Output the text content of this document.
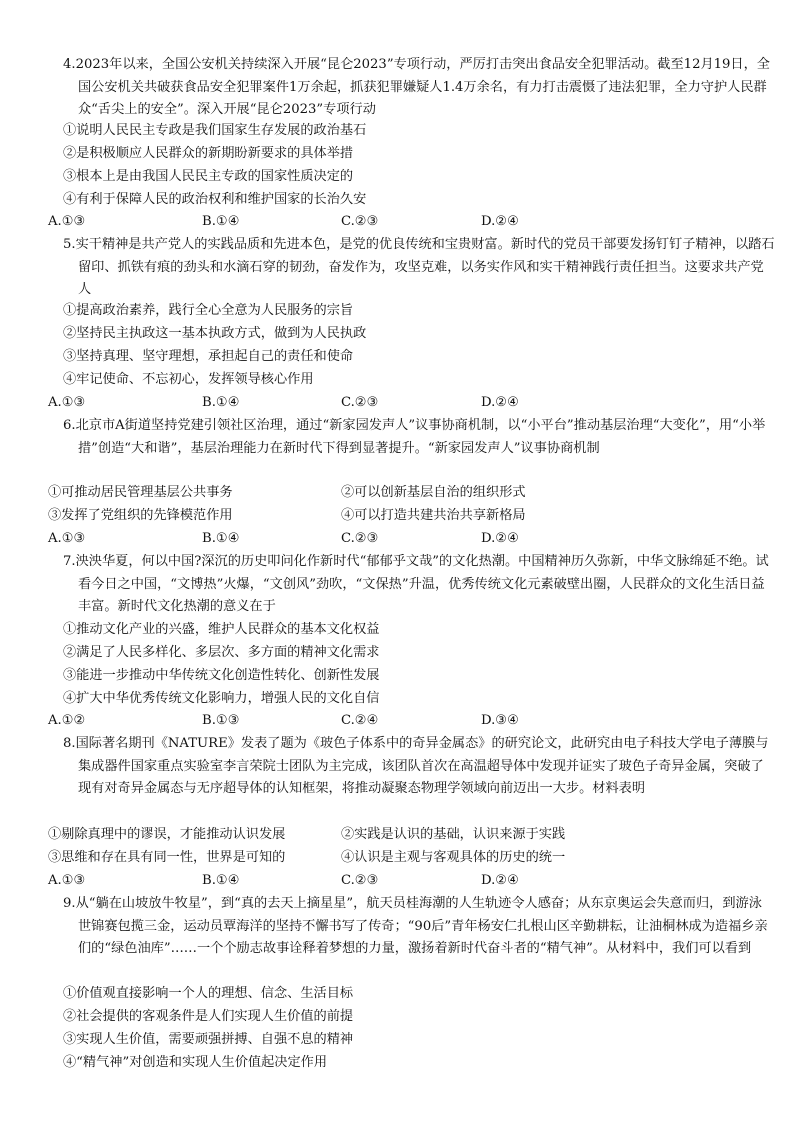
4.2023年以来，全国公安机关持续深入开展“昆仑2023”专项行动，严厉打击突出食品安全犯罪活动。截至12月19日，全国公安机关共破获食品安全犯罪案件1万余起，抓获犯罪嫌疑人1.4万余名，有力打击震慑了违法犯罪，全力守护人民群众“舌尖上的安全”。深入开展“昆仑2023”专项行动

①说明人民民主专政是我们国家生存发展的政治基石
②是积极顺应人民群众的新期盼新要求的具体举措
③根本上是由我国人民民主专政的国家性质决定的
④有利于保障人民的政治权利和维护国家的长治久安
A.①③	B.①④	C.②③	D.②④

5.实干精神是共产党人的实践品质和先进本色，是党的优良传统和宝贵财富。新时代的党员干部要发扬钉钉子精神，以踏石留印、抓铁有痕的劲头和水滴石穿的韧劲，奋发作为，攻坚克难，以务实作风和实干精神践行责任担当。这要求共产党人

①提高政治素养，践行全心全意为人民服务的宗旨
②坚持民主执政这一基本执政方式，做到为人民执政
③坚持真理、坚守理想，承担起自己的责任和使命
④牢记使命、不忘初心，发挥领导核心作用
A.①③	B.①④	C.②③	D.②④

6.北京市A街道坚持党建引领社区治理，通过“新家园发声人”议事协商机制，以“小平台”推动基层治理“大变化”，用“小举措”创造“大和谐”，基层治理能力在新时代下得到显著提升。“新家园发声人”议事协商机制

①可推动居民管理基层公共事务	②可以创新基层自治的组织形式
③发挥了党组织的先锋模范作用	④可以打造共建共治共享新格局
A.①③	B.①④	C.②③	D.②④

7.泱泱华夏，何以中国?深沉的历史叩问化作新时代“郁郁乎文哉”的文化热潮。中国精神历久弥新，中华文脉绵延不绝。试看今日之中国，“文博热”火爆，“文创风”劲吹，“文保热”升温，优秀传统文化元素破壁出圈，人民群众的文化生活日益丰富。新时代文化热潮的意义在于

①推动文化产业的兴盛，维护人民群众的基本文化权益
②满足了人民多样化、多层次、多方面的精神文化需求
③能进一步推动中华传统文化创造性转化、创新性发展
④扩大中华优秀传统文化影响力，增强人民的文化自信
A.①②	B.①③	C.②④	D.③④

8.国际著名期刊《NATURE》发表了题为《玻色子体系中的奇异金属态》的研究论文，此研究由电子科技大学电子薄膜与集成器件国家重点实验室李言荣院士团队为主完成，该团队首次在高温超导体中发现并证实了玻色子奇异金属，突破了现有对奇异金属态与无序超导体的认知框架，将推动凝聚态物理学领域向前迈出一大步。材料表明

①剔除真理中的谬误，才能推动认识发展	②实践是认识的基础，认识来源于实践
③思维和存在具有同一性，世界是可知的	④认识是主观与客观具体的历史的统一
A.①③	B.①④	C.②③	D.②④

9.从“躺在山坡放牛牧星”，到“真的去天上摘星星”，航天员桂海潮的人生轨迹令人感奋；从东京奥运会失意而归，到游泳世锦赛包揽三金，运动员覃海洋的坚持不懈书写了传奇；“90后”青年杨安仁扎根山区辛勤耕耘，让油桐林成为造福乡亲们的“绿色油库”……一个个励志故事诠释着梦想的力量，激扬着新时代奋斗者的“精气神”。从材料中，我们可以看到

①价值观直接影响一个人的理想、信念、生活目标
②社会提供的客观条件是人们实现人生价值的前提
③实现人生价值，需要顽强拼搏、自强不息的精神
④“精气神”对创造和实现人生价值起决定作用
